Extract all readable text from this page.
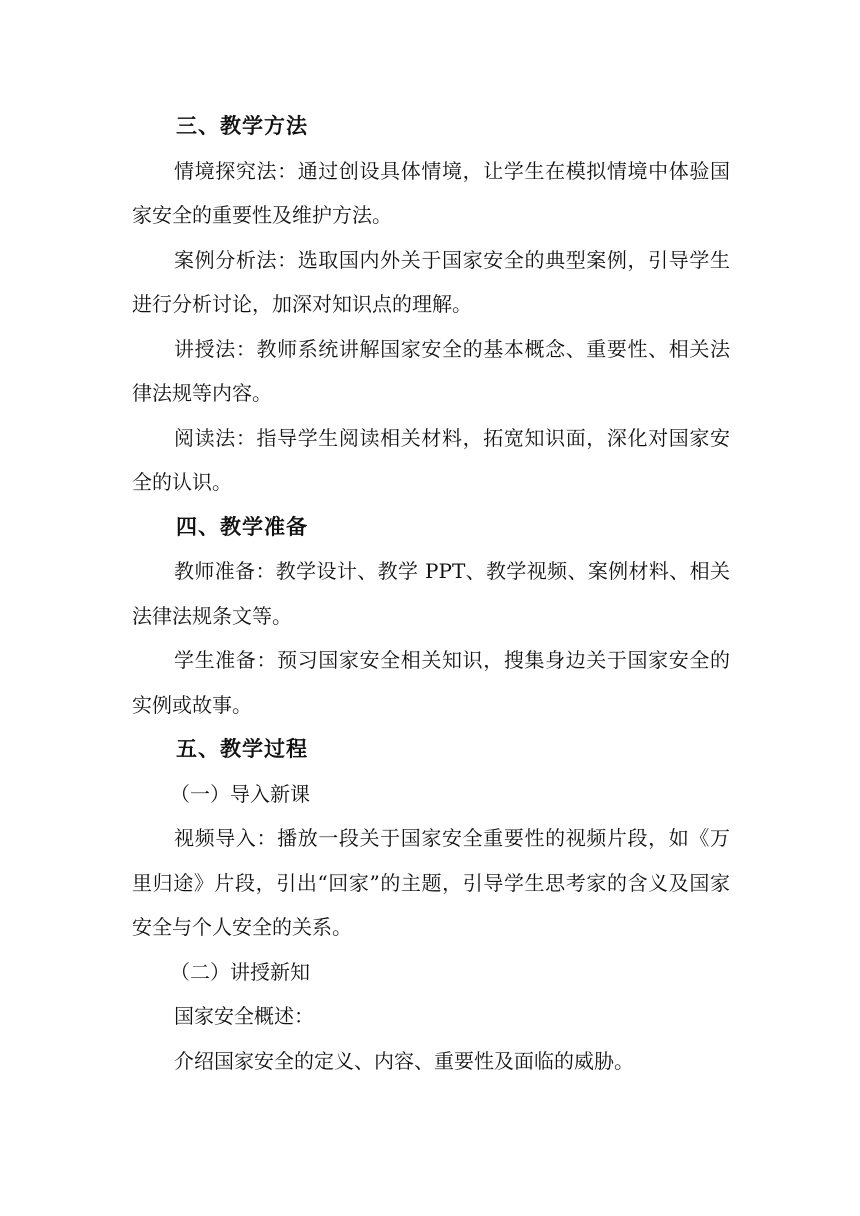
三、教学方法

情境探究法：通过创设具体情境，让学生在模拟情境中体验国家安全的重要性及维护方法。

案例分析法：选取国内外关于国家安全的典型案例，引导学生进行分析讨论，加深对知识点的理解。

讲授法：教师系统讲解国家安全的基本概念、重要性、相关法律法规等内容。

阅读法：指导学生阅读相关材料，拓宽知识面，深化对国家安全的认识。

四、教学准备

教师准备：教学设计、教学 PPT、教学视频、案例材料、相关法律法规条文等。

学生准备：预习国家安全相关知识，搜集身边关于国家安全的实例或故事。

五、教学过程

（一）导入新课

视频导入：播放一段关于国家安全重要性的视频片段，如《万里归途》片段，引出“回家”的主题，引导学生思考家的含义及国家安全与个人安全的关系。

（二）讲授新知

国家安全概述：

介绍国家安全的定义、内容、重要性及面临的威胁。
